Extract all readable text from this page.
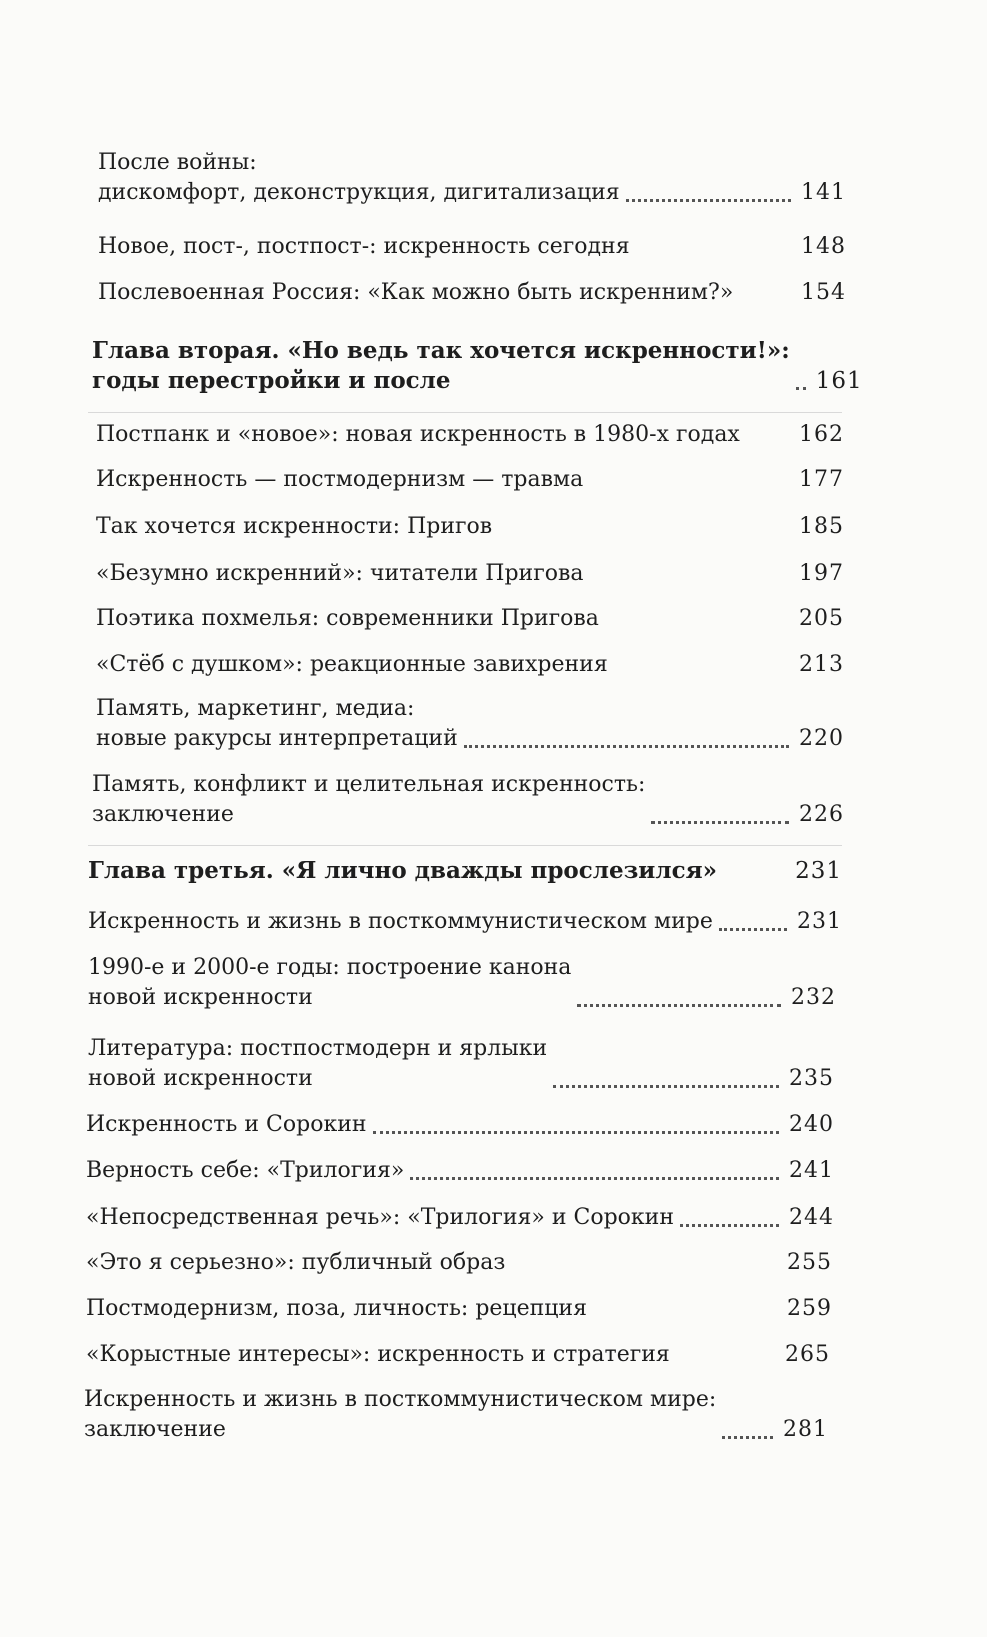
После войны:
дискомфорт, деконструкция, дигитализация	141
Новое, пост-, постпост-: искренность сегодня	148
Послевоенная Россия: «Как можно быть искренним?»	154
Глава вторая. «Но ведь так хочется искренности!»:
годы перестройки и после	161
Постпанк и «новое»: новая искренность в 1980-х годах	162
Искренность — постмодернизм — травма	177
Так хочется искренности: Пригов	185
«Безумно искренний»: читатели Пригова	197
Поэтика похмелья: современники Пригова	205
«Стёб с душком»: реакционные завихрения	213
Память, маркетинг, медиа:
новые ракурсы интерпретаций	220
Память, конфликт и целительная искренность:
заключение	226
Глава третья. «Я лично дважды прослезился»	231
Искренность и жизнь в посткоммунистическом мире	231
1990-е и 2000-е годы: построение канона
новой искренности	232
Литература: постпостмодерн и ярлыки
новой искренности	235
Искренность и Сорокин	240
Верность себе: «Трилогия»	241
«Непосредственная речь»: «Трилогия» и Сорокин	244
«Это я серьезно»: публичный образ	255
Постмодернизм, поза, личность: рецепция	259
«Корыстные интересы»: искренность и стратегия	265
Искренность и жизнь в посткоммунистическом мире:
заключение	281
